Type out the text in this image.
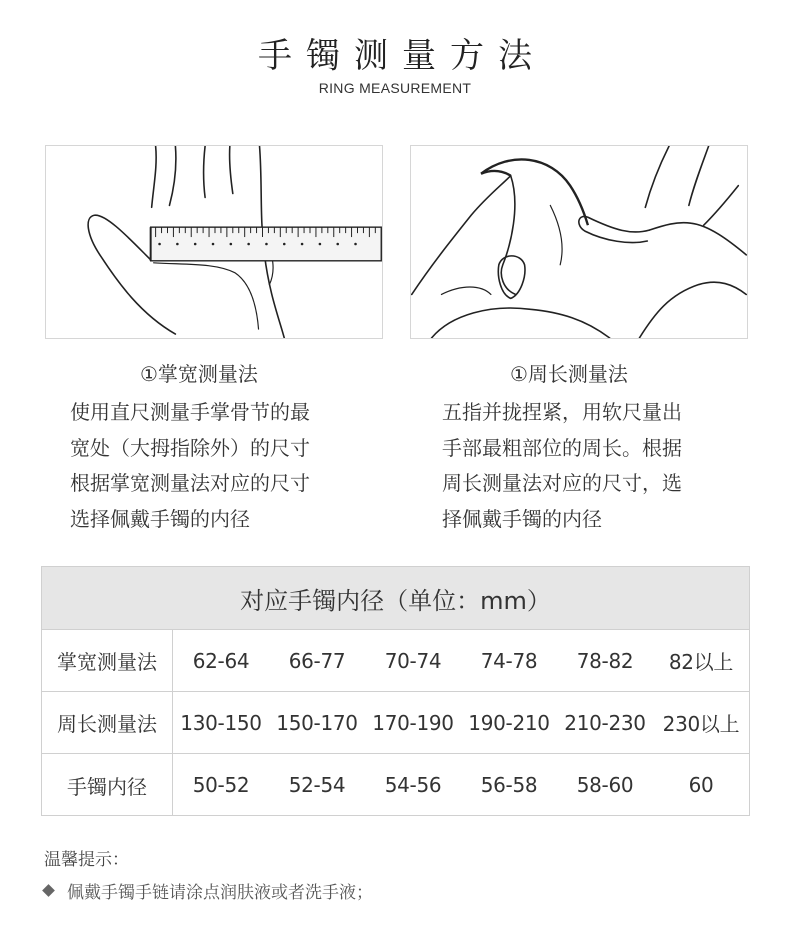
手镯测量方法
RING MEASUREMENT
①掌宽测量法	①周长测量法
使用直尺测量手掌骨节的最
宽处（大拇指除外）的尺寸
根据掌宽测量法对应的尺寸
选择佩戴手镯的内径
五指并拢捏紧，用软尺量出
手部最粗部位的周长。根据
周长测量法对应的尺寸，选
择佩戴手镯的内径
对应手镯内径（单位：mm）
掌宽测量法	62-64	66-77	70-74	74-78	78-82	82以上
周长测量法	130-150 150-170 170-190 190-210 210-230 230以上
手镯内径	50-52	52-54	54-56	56-58	58-60	60
温馨提示：
佩戴手镯手链请涂点润肤液或者洗手液；
